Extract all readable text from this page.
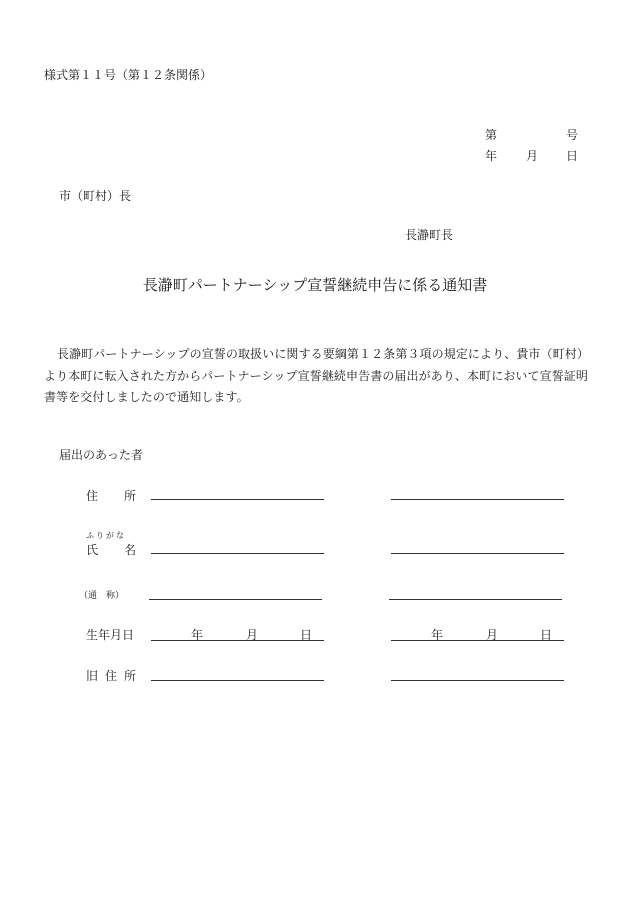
様式第１１号（第１２条関係）
第	号
年 月 日
市（町村）長
長瀞町長
長瀞町パートナーシップ宣誓継続申告に係る通知書
長瀞町パートナーシップの宣誓の取扱いに関する要綱第１２条第３項の規定により、貴市（町村）より本町に転入された方からパートナーシップ宣誓継続申告書の届出があり、本町において宣誓証明書等を交付しましたので通知します。
届出のあった者
住 所
ふりがな
氏 名
（通　称）
生年月日	年	月	日	年	月	日
旧 住 所
